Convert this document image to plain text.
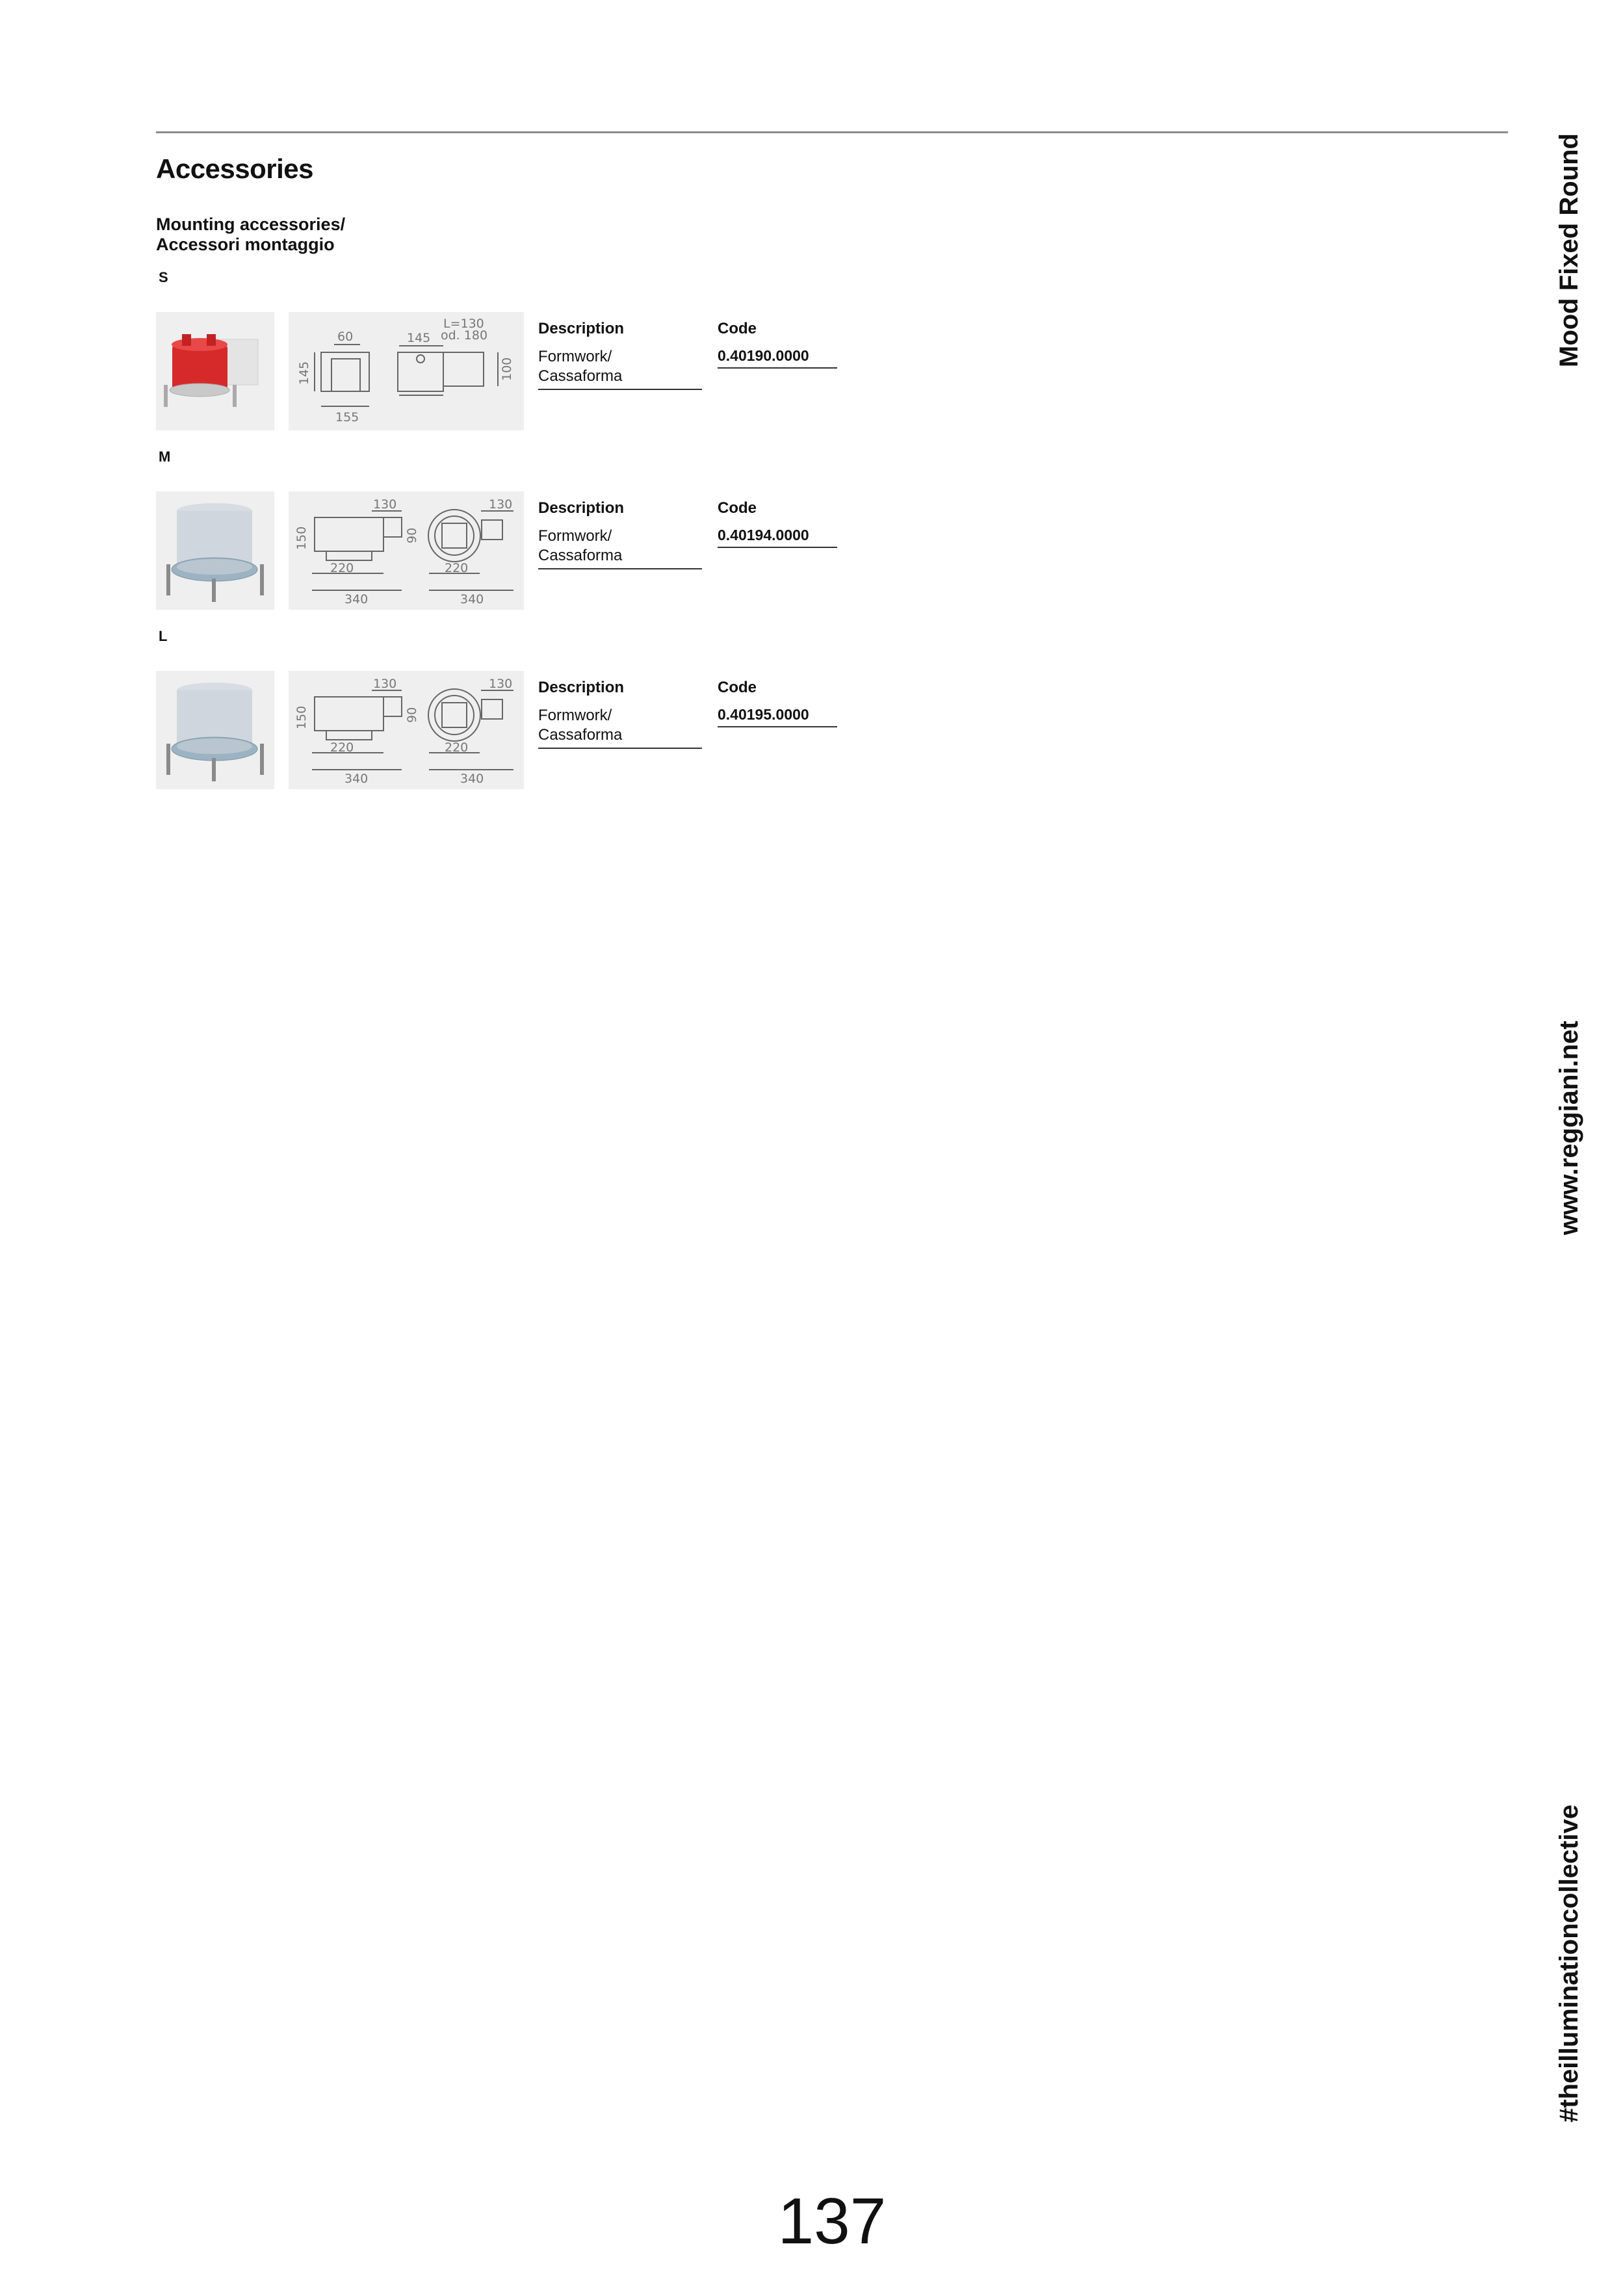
Accessories
Mounting accessories/
Accessori montaggio
S
60	145
L=130
od. 180
145	100
155
Description	Code
Formwork/
Cassaforma
0.40190.0000
M
130
150	90
130
220
340
220
340
Description	Code
Formwork/
Cassaforma
0.40194.0000
L
130
150	90
130
220
340
220
340
Description	Code
Formwork/
Cassaforma
0.40195.0000
Mood Fixed Round
www.reggiani.net
#theilluminationcollective
137
